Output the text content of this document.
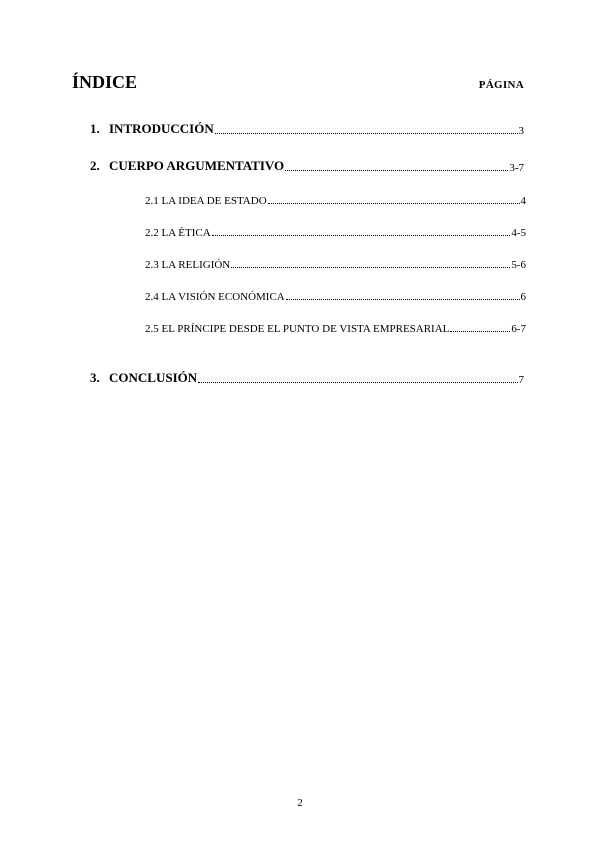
ÍNDICE	PÁGINA
1. INTRODUCCIÓN	3
2. CUERPO ARGUMENTATIVO	3-7
2.1 LA IDEA DE ESTADO	4
2.2 LA ÉTICA	4-5
2.3 LA RELIGIÓN	5-6
2.4 LA VISIÓN ECONÓMICA	6
2.5 EL PRÍNCIPE DESDE EL PUNTO DE VISTA EMPRESARIAL	6-7
3. CONCLUSIÓN	7
2
